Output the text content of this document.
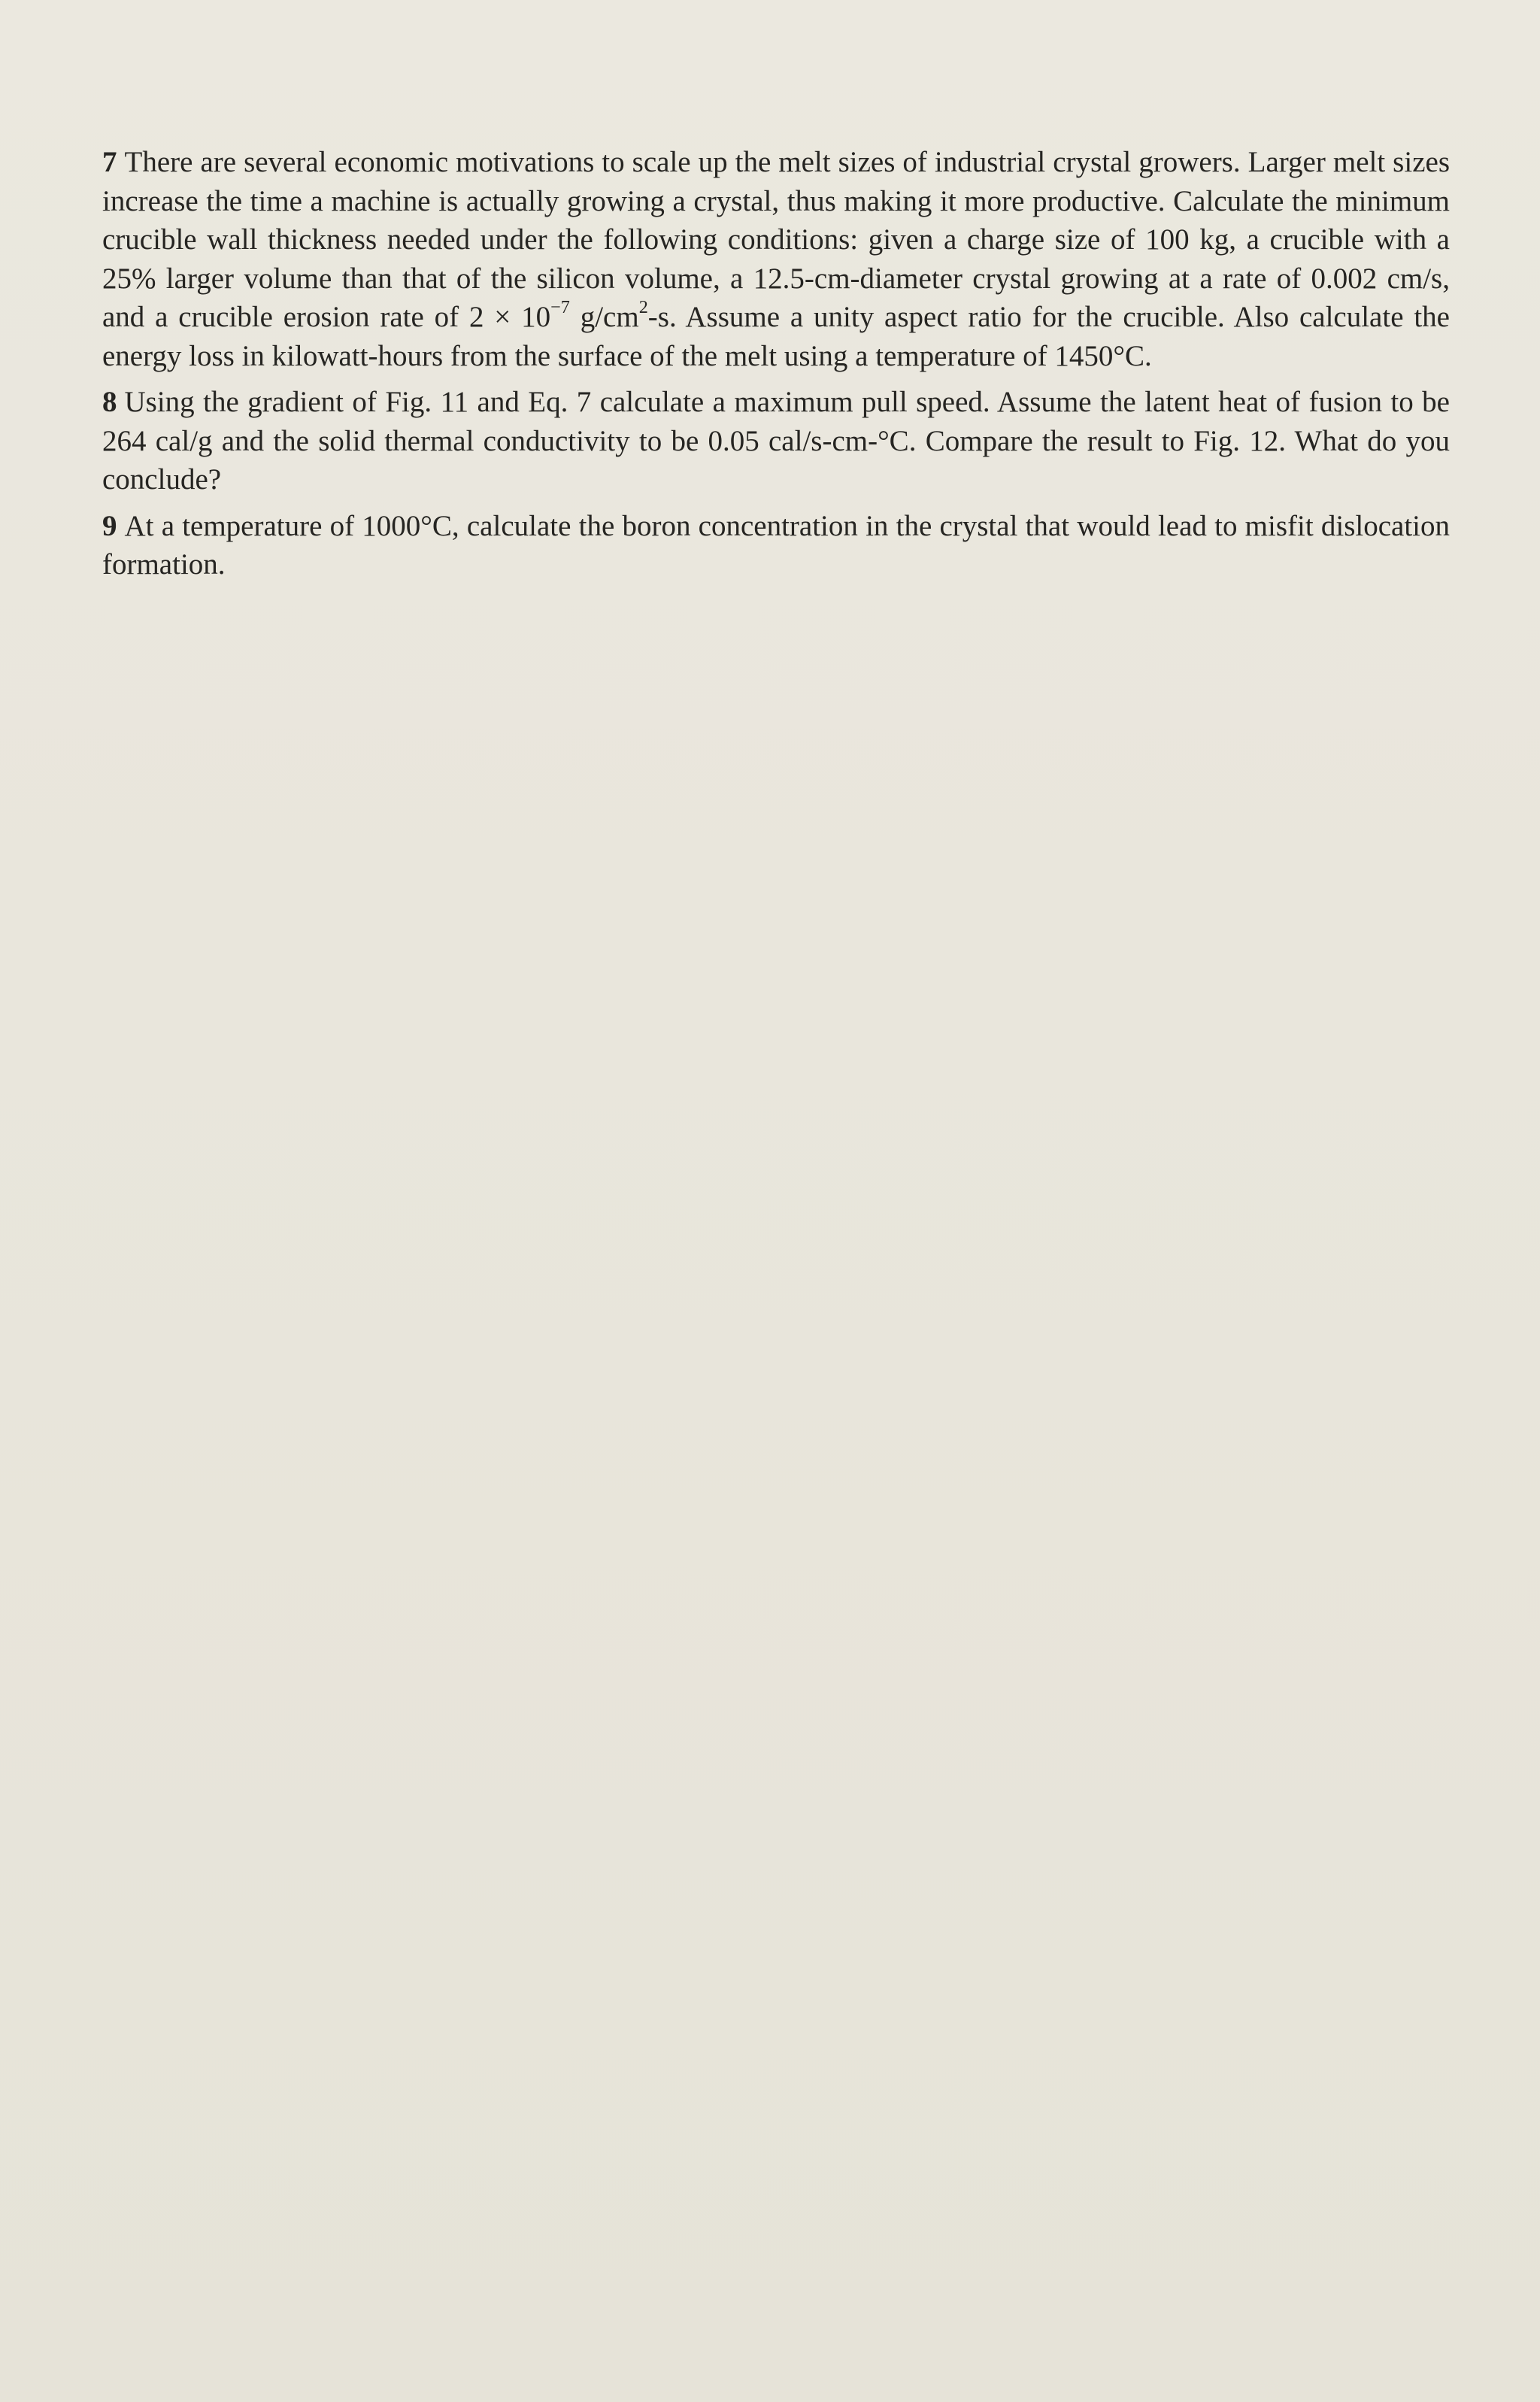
7 There are several economic motivations to scale up the melt sizes of industrial crystal growers. Larger melt sizes increase the time a machine is actually growing a crystal, thus making it more productive. Calculate the minimum crucible wall thickness needed under the following conditions: given a charge size of 100 kg, a crucible with a 25% larger volume than that of the silicon volume, a 12.5-cm-diameter crystal growing at a rate of 0.002 cm/s, and a crucible erosion rate of $2 \times 10^{-7}$ $g/cm^2-s$. Assume a unity aspect ratio for the crucible. Also calculate the energy loss in kilowatt-hours from the surface of the melt using a temperature of 1450°C.

8 Using the gradient of Fig. 11 and Eq. 7 calculate a maximum pull speed. Assume the latent heat of fusion to be 264 cal/g and the solid thermal conductivity to be 0.05 cal/s-cm-°C. Compare the result to Fig. 12. What do you conclude?

9 At a temperature of 1000°C, calculate the boron concentration in the crystal that would lead to misfit dislocation formation.
